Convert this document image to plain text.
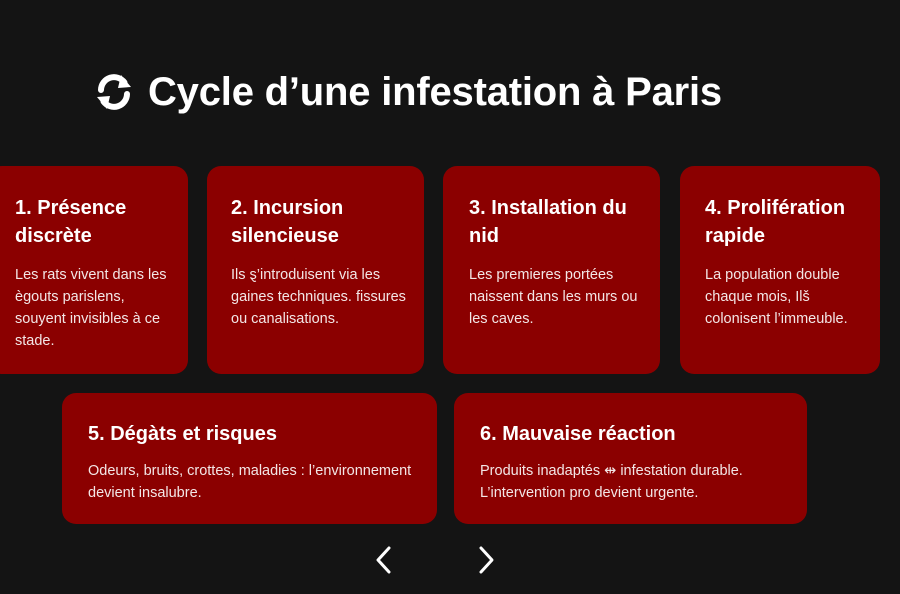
Cycle d’une infestation à Paris
1. Présence discrète
Les rats vivent dans les ègouts parislens, souyent invisibles à ce stade.
2. Incursion silencieuse
Ils ȿ’introduisent via les gaines techniques. fissures ou canalisations.
3. Installation du nid
Les premieres portées naissent dans les murs ou les caves.
4. Prolifération rapide
La population double chaque mois, Ilš colonisent l’immeuble.
5. Dégàts et risques
Odeurs, bruits, crottes, maladies : l’environnement devient insalubre.
6. Mauvaise réaction
Produits inadaptés ⇹ infestation durable. L’intervention pro devient urgente.
